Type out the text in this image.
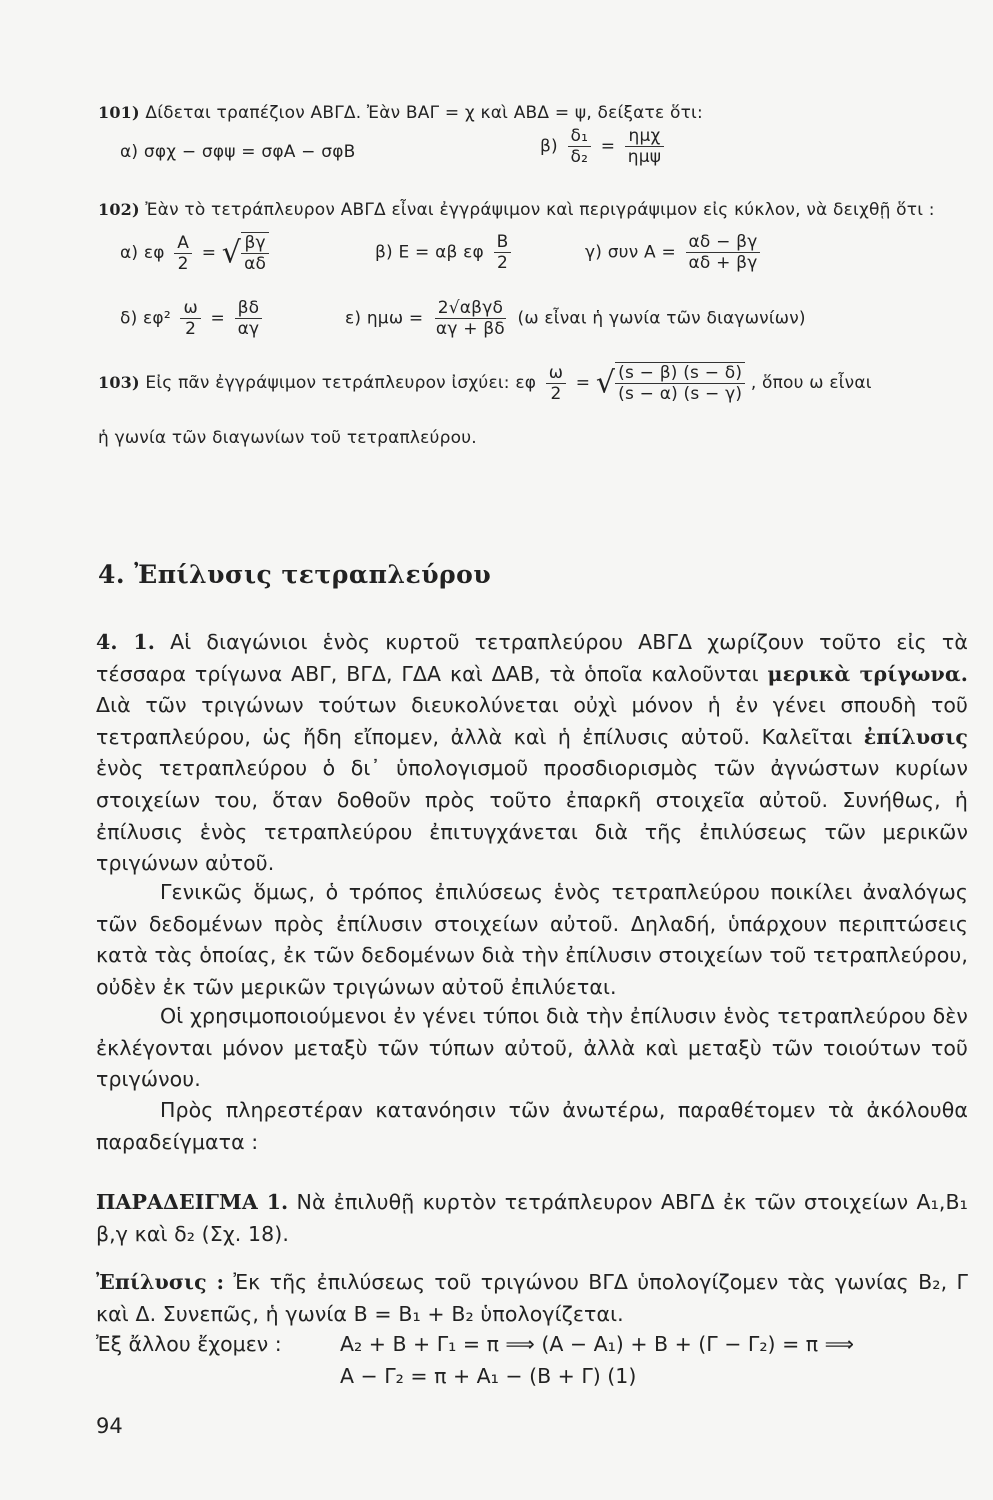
101) Δίδεται τραπέζιον ΑΒΓΔ. Ἐὰν ΒΑΓ = χ καὶ ΑΒΔ = ψ, δείξατε ὅτι:
α) σφχ − σφψ = σφΑ − σφΒ	$\beta) \frac{\text{δ₁}}{\text{δ₂}} = \frac{\text{ημχ}}{\text{ημψ}}$
102) Ἐὰν τὸ τετράπλευρον ΑΒΓΔ εἶναι ἐγγράψιμον καὶ περιγράψιμον εἰς κύκλον, νὰ δειχθῇ ὅτι :
α) εφ $\frac{A}{2}$ = √ $\frac{\beta\gamma}{\alpha\delta}$	β) Ε = αβ εφ $\frac{B}{2}$	γ) συν $A = \frac{\alpha\delta - \beta\gamma}{\alpha\delta + \beta\gamma}$
δ) $\varepsilon\varphi^2 \frac{\omega}{2} = \frac{\beta\delta}{\alpha\gamma}$	ε) $\eta\mu\omega = \frac{\text{2√αβγδ}}{\alpha\gamma + \beta\delta} (\omega$ εἶναι ἡ γωνία τῶν διαγωνίων)
103) Εἰς πᾶν ἐγγράψιμον τετράπλευρον ἰσχύει: εφ $\frac{\omega}{2}$ = √ $\frac{(s - \beta) (s - \delta)}{(s - \alpha) (s - \gamma)}$ , ὅπου ω εἶναι
ἡ γωνία τῶν διαγωνίων τοῦ τετραπλεύρου.
4. Ἐπίλυσις τετραπλεύρου
4. 1. Αἱ διαγώνιοι ἑνὸς κυρτοῦ τετραπλεύρου ΑΒΓΔ χωρίζουν τοῦτο εἰς τὰ τέσσαρα τρίγωνα ΑΒΓ, ΒΓΔ, ΓΔΑ καὶ ΔΑΒ, τὰ ὁποῖα καλοῦνται μερικὰ τρίγωνα. Διὰ τῶν τριγώνων τούτων διευκολύνεται οὐχὶ μόνον ἡ ἐν γένει σπουδὴ τοῦ τετραπλεύρου, ὡς ἤδη εἴπομεν, ἀλλὰ καὶ ἡ ἐπίλυσις αὐτοῦ. Καλεῖται ἐπίλυσις ἑνὸς τετραπλεύρου ὁ δι᾽ ὑπολογισμοῦ προσδιορισμὸς τῶν ἀγνώστων κυρίων στοιχείων του, ὅταν δοθοῦν πρὸς τοῦτο ἐπαρκῆ στοιχεῖα αὐτοῦ. Συνήθως, ἡ ἐπίλυσις ἑνὸς τετραπλεύρου ἐπιτυγχάνεται διὰ τῆς ἐπιλύσεως τῶν μερικῶν τριγώνων αὐτοῦ.
Γενικῶς ὅμως, ὁ τρόπος ἐπιλύσεως ἑνὸς τετραπλεύρου ποικίλει ἀναλόγως τῶν δεδομένων πρὸς ἐπίλυσιν στοιχείων αὐτοῦ. Δηλαδή, ὑπάρχουν περιπτώσεις κατὰ τὰς ὁποίας, ἐκ τῶν δεδομένων διὰ τὴν ἐπίλυσιν στοιχείων τοῦ τετραπλεύρου, οὐδὲν ἐκ τῶν μερικῶν τριγώνων αὐτοῦ ἐπιλύεται.
Οἱ χρησιμοποιούμενοι ἐν γένει τύποι διὰ τὴν ἐπίλυσιν ἑνὸς τετραπλεύρου δὲν ἐκλέγονται μόνον μεταξὺ τῶν τύπων αὐτοῦ, ἀλλὰ καὶ μεταξὺ τῶν τοιούτων τοῦ τριγώνου.
Πρὸς πληρεστέραν κατανόησιν τῶν ἀνωτέρω, παραθέτομεν τὰ ἀκόλουθα παραδείγματα :
ΠΑΡΑΔΕΙΓΜΑ 1. Νὰ ἐπιλυθῇ κυρτὸν τετράπλευρον ΑΒΓΔ ἐκ τῶν στοιχείων Α₁,Β₁ β,γ καὶ δ₂ (Σχ. 18).
Ἐπίλυσις : Ἐκ τῆς ἐπιλύσεως τοῦ τριγώνου ΒΓΔ ὑπολογίζομεν τὰς γωνίας Β₂, Γ καὶ Δ. Συνεπῶς, ἡ γωνία Β = Β₁ + Β₂ ὑπολογίζεται.
Ἐξ ἄλλου ἔχομεν :	Α₂ + Β + Γ₁ = π ⟹ (Α − Α₁) + Β + (Γ − Γ₂) = π ⟹
Α − Γ₂ = π + Α₁ − (Β + Γ) (1)
94
